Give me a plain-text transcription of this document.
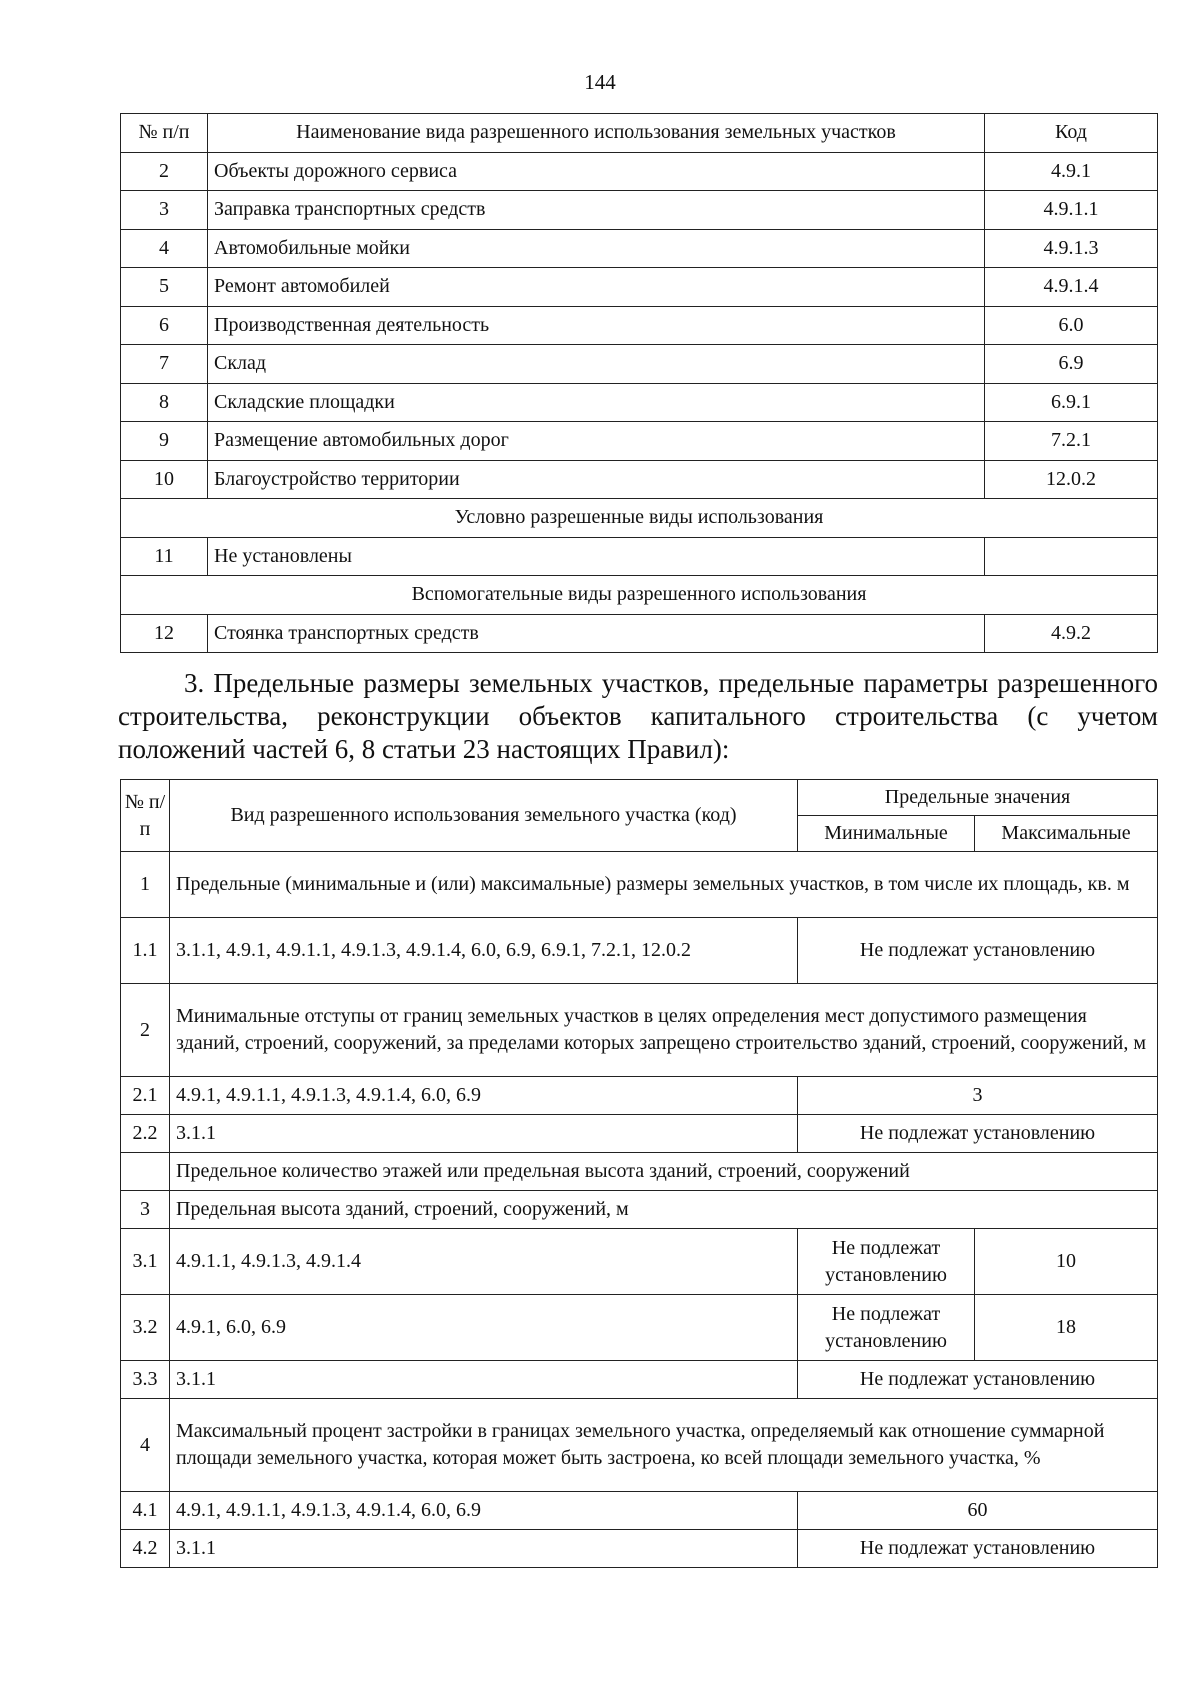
144
№ п/п	Наименование вида разрешенного использования земельных участков	Код
2	Объекты дорожного сервиса	4.9.1
3	Заправка транспортных средств	4.9.1.1
4	Автомобильные мойки	4.9.1.3
5	Ремонт автомобилей	4.9.1.4
6	Производственная деятельность	6.0
7	Склад	6.9
8	Складские площадки	6.9.1
9	Размещение автомобильных дорог	7.2.1
10	Благоустройство территории	12.0.2
Условно разрешенные виды использования		
11	Не установлены	
Вспомогательные виды разрешенного использования		
12	Стоянка транспортных средств	4.9.2
3. Предельные размеры земельных участков, предельные параметры разрешенного строительства, реконструкции объектов капитального строительства (с учетом положений частей 6, 8 статьи 23 настоящих Правил):
№ п/п	Вид разрешенного использования земельного участка (код)	Предельные значения	
		Минимальные	Максимальные
1	Предельные (минимальные и (или) максимальные) размеры земельных участков, в том числе их площадь, кв. м		
1.1	3.1.1, 4.9.1, 4.9.1.1, 4.9.1.3, 4.9.1.4, 6.0, 6.9, 6.9.1, 7.2.1, 12.0.2	Не подлежат установлению	
2	Минимальные отступы от границ земельных участков в целях определения мест допустимого размещения зданий, строений, сооружений, за пределами которых запрещено строительство зданий, строений, сооружений, м		
2.1	4.9.1, 4.9.1.1, 4.9.1.3, 4.9.1.4, 6.0, 6.9	3	
2.2	3.1.1	Не подлежат установлению	
	Предельное количество этажей или предельная высота зданий, строений, сооружений		
3	Предельная высота зданий, строений, сооружений, м		
3.1	4.9.1.1, 4.9.1.3, 4.9.1.4	Не подлежат установлению	10
3.2	4.9.1, 6.0, 6.9	Не подлежат установлению	18
3.3	3.1.1	Не подлежат установлению	
4	Максимальный процент застройки в границах земельного участка, определяемый как отношение суммарной площади земельного участка, которая может быть застроена, ко всей площади земельного участка, %		
4.1	4.9.1, 4.9.1.1, 4.9.1.3, 4.9.1.4, 6.0, 6.9	60	
4.2	3.1.1	Не подлежат установлению	
